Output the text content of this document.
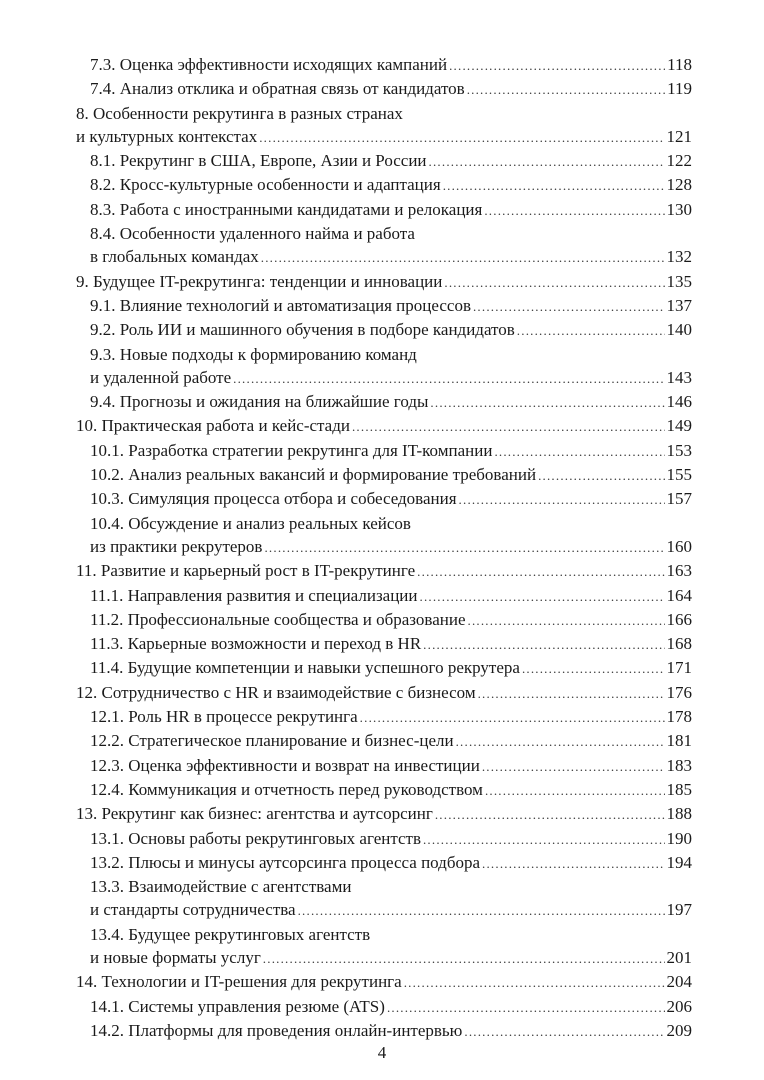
7.3. Оценка эффективности исходящих кампаний .....	118
7.4. Анализ отклика и обратная связь от кандидатов .....	119
8. Особенности рекрутинга в разных странах
и культурных контекстах .....	121
8.1. Рекрутинг в США, Европе, Азии и России .....	122
8.2. Кросс-культурные особенности и адаптация .....	128
8.3. Работа с иностранными кандидатами и релокация .....	130
8.4. Особенности удаленного найма и работа
в глобальных командах .....	132
9. Будущее IT-рекрутинга: тенденции и инновации .....	135
9.1. Влияние технологий и автоматизация процессов .....	137
9.2. Роль ИИ и машинного обучения в подборе кандидатов .....	140
9.3. Новые подходы к формированию команд
и удаленной работе .....	143
9.4. Прогнозы и ожидания на ближайшие годы .....	146
10. Практическая работа и кейс-стади .....	149
10.1. Разработка стратегии рекрутинга для IT-компании .....	153
10.2. Анализ реальных вакансий и формирование требований .....	155
10.3. Симуляция процесса отбора и собеседования .....	157
10.4. Обсуждение и анализ реальных кейсов
из практики рекрутеров .....	160
11. Развитие и карьерный рост в IT-рекрутинге .....	163
11.1. Направления развития и специализации .....	164
11.2. Профессиональные сообщества и образование .....	166
11.3. Карьерные возможности и переход в HR .....	168
11.4. Будущие компетенции и навыки успешного рекрутера .....	171
12. Сотрудничество с HR и взаимодействие с бизнесом .....	176
12.1. Роль HR в процессе рекрутинга .....	178
12.2. Стратегическое планирование и бизнес-цели .....	181
12.3. Оценка эффективности и возврат на инвестиции .....	183
12.4. Коммуникация и отчетность перед руководством .....	185
13. Рекрутинг как бизнес: агентства и аутсорсинг .....	188
13.1. Основы работы рекрутинговых агентств .....	190
13.2. Плюсы и минусы аутсорсинга процесса подбора .....	194
13.3. Взаимодействие с агентствами
и стандарты сотрудничества .....	197
13.4. Будущее рекрутинговых агентств
и новые форматы услуг .....	201
14. Технологии и IT-решения для рекрутинга .....	204
14.1. Системы управления резюме (ATS) .....	206
14.2. Платформы для проведения онлайн-интервью .....	209
4
